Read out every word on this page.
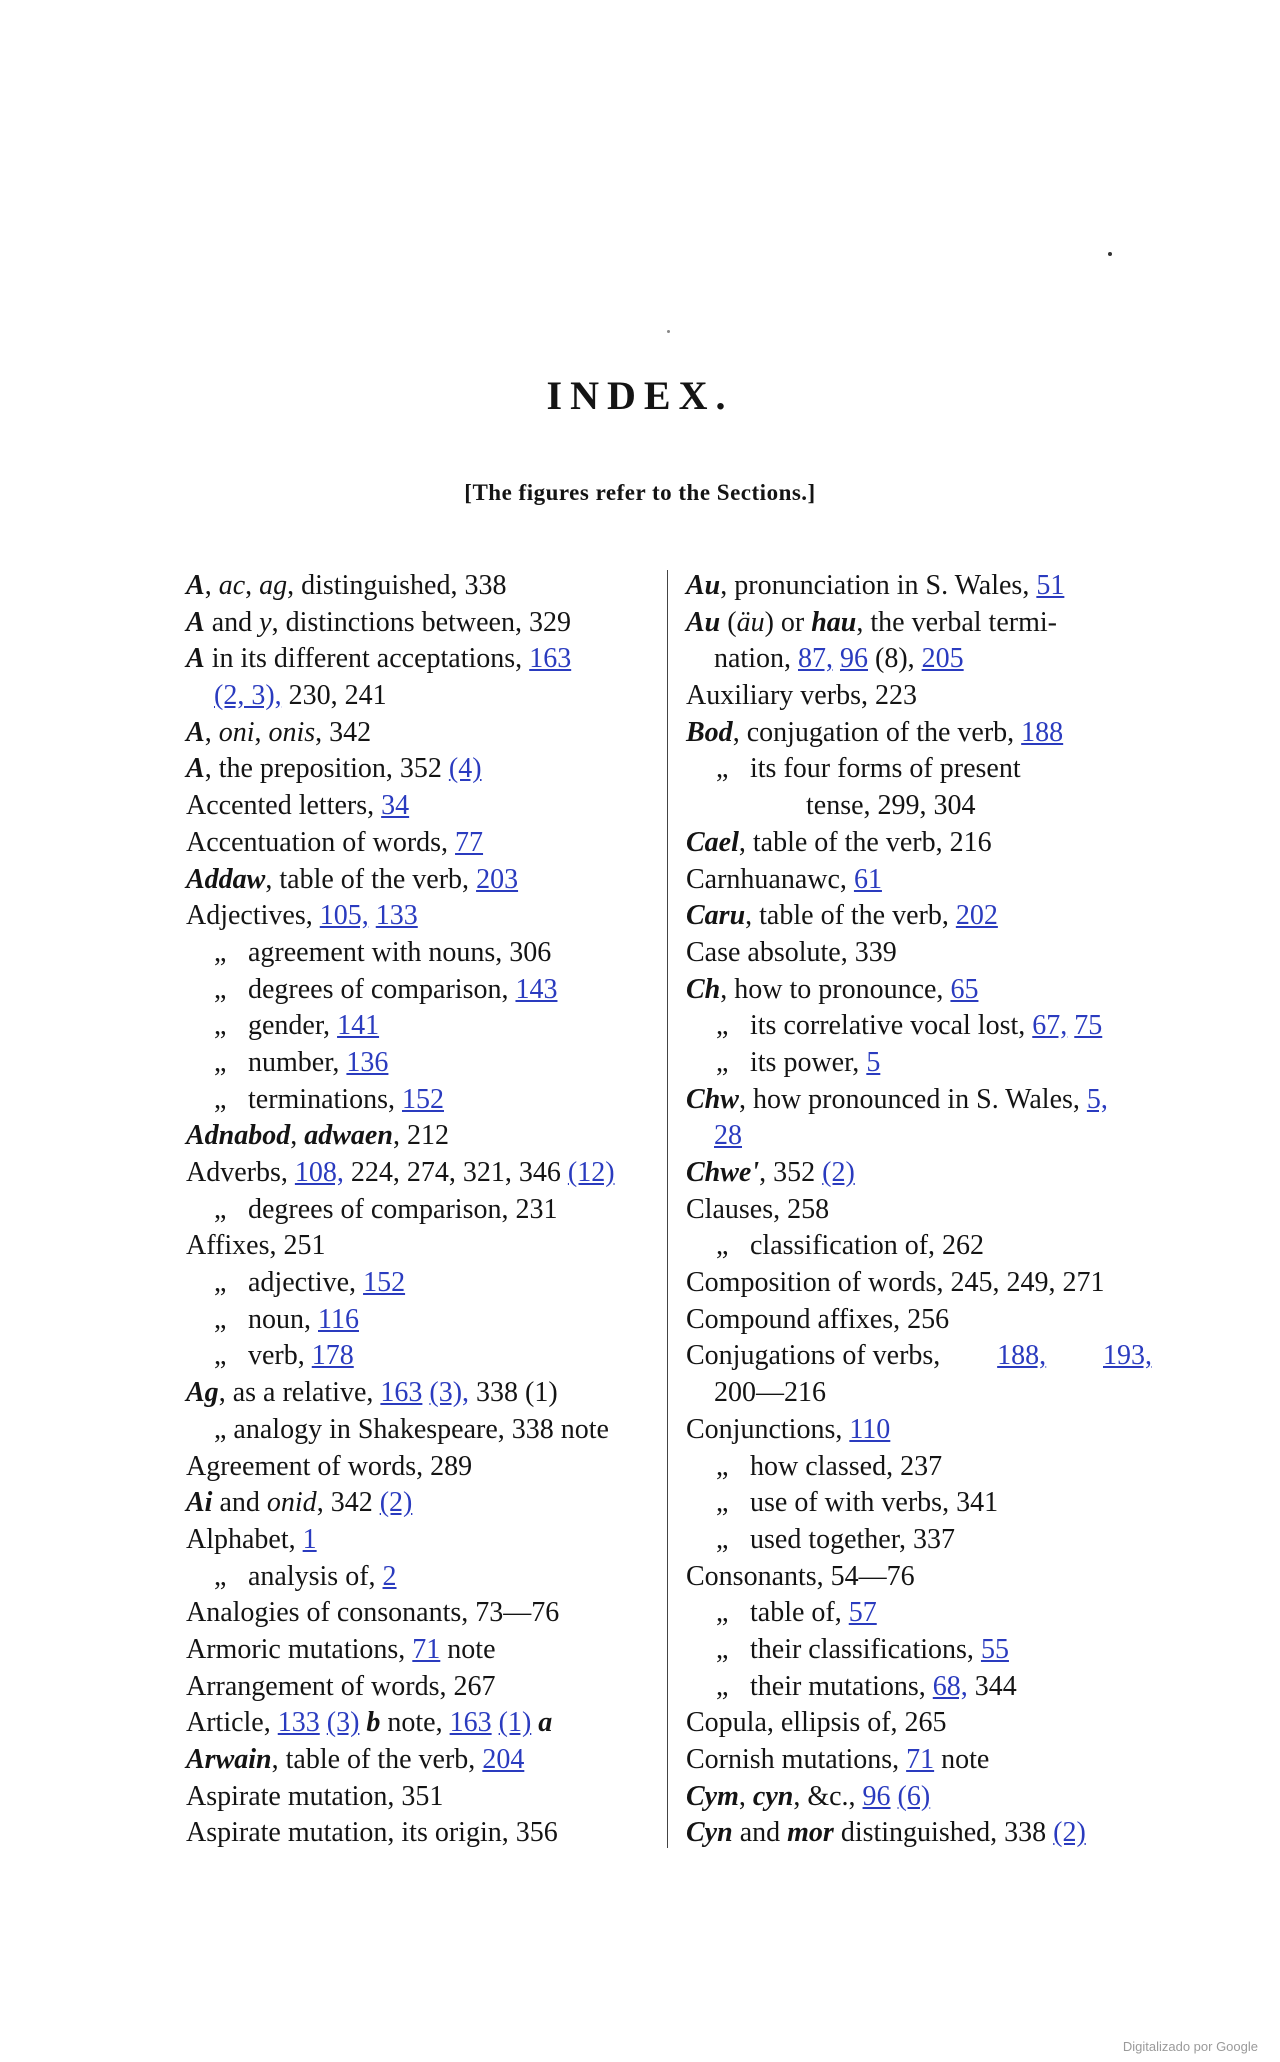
INDEX.
[The figures refer to the Sections.]
A, ac, ag, distinguished, 338
A and y, distinctions between, 329
A in its different acceptations, 163
(2, 3), 230, 241
A, oni, onis, 342
A, the preposition, 352 (4)
Accented letters, 34
Accentuation of words, 77
Addaw, table of the verb, 203
Adjectives, 105, 133
„ agreement with nouns, 306
„ degrees of comparison, 143
„ gender, 141
„ number, 136
„ terminations, 152
Adnabod, adwaen, 212
Adverbs, 108, 224, 274, 321, 346 (12)
„ degrees of comparison, 231
Affixes, 251
„ adjective, 152
„ noun, 116
„ verb, 178
Ag, as a relative, 163 (3), 338 (1)
„ analogy in Shakespeare, 338 note
Agreement of words, 289
Ai and onid, 342 (2)
Alphabet, 1
„ analysis of, 2
Analogies of consonants, 73—76
Armoric mutations, 71 note
Arrangement of words, 267
Article, 133 (3) b note, 163 (1) a
Arwain, table of the verb, 204
Aspirate mutation, 351
Aspirate mutation, its origin, 356
Au, pronunciation in S. Wales, 51
Au (äu) or hau, the verbal termi-
nation, 87, 96 (8), 205
Auxiliary verbs, 223
Bod, conjugation of the verb, 188
„ its four forms of present
tense, 299, 304
Cael, table of the verb, 216
Carnhuanawc, 61
Caru, table of the verb, 202
Case absolute, 339
Ch, how to pronounce, 65
„ its correlative vocal lost, 67, 75
„ its power, 5
Chw, how pronounced in S. Wales, 5,
28
Chwe', 352 (2)
Clauses, 258
„ classification of, 262
Composition of words, 245, 249, 271
Compound affixes, 256
Conjugations of verbs, 188, 193,
200—216
Conjunctions, 110
„ how classed, 237
„ use of with verbs, 341
„ used together, 337
Consonants, 54—76
„ table of, 57
„ their classifications, 55
„ their mutations, 68, 344
Copula, ellipsis of, 265
Cornish mutations, 71 note
Cym, cyn, &c., 96 (6)
Cyn and mor distinguished, 338 (2)
Digitalizado por Google
